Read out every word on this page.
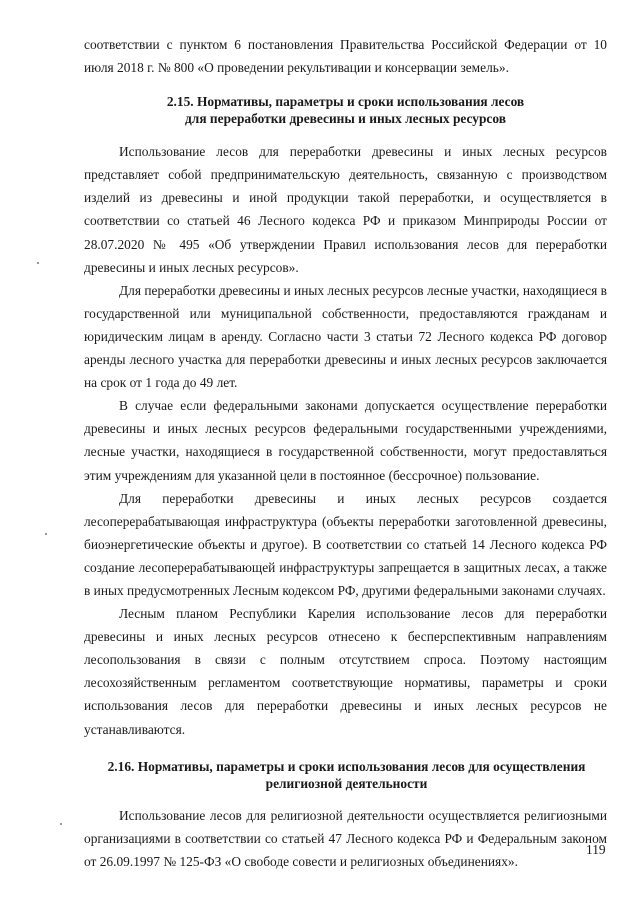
соответствии с пунктом 6 постановления Правительства Российской Федерации от 10 июля 2018 г. № 800 «О проведении рекультивации и консервации земель».

2.15. Нормативы, параметры и сроки использования лесов
для переработки древесины и иных лесных ресурсов

Использование лесов для переработки древесины и иных лесных ресурсов представляет собой предпринимательскую деятельность, связанную с производством изделий из древесины и иной продукции такой переработки, и осуществляется в соответствии со статьей 46 Лесного кодекса РФ и приказом Минприроды России от 28.07.2020 № 495 «Об утверждении Правил использования лесов для переработки древесины и иных лесных ресурсов».

Для переработки древесины и иных лесных ресурсов лесные участки, находящиеся в государственной или муниципальной собственности, предоставляются гражданам и юридическим лицам в аренду. Согласно части 3 статьи 72 Лесного кодекса РФ договор аренды лесного участка для переработки древесины и иных лесных ресурсов заключается на срок от 1 года до 49 лет.

В случае если федеральными законами допускается осуществление переработки древесины и иных лесных ресурсов федеральными государственными учреждениями, лесные участки, находящиеся в государственной собственности, могут предоставляться этим учреждениям для указанной цели в постоянное (бессрочное) пользование.

Для переработки древесины и иных лесных ресурсов создается лесоперерабатывающая инфраструктура (объекты переработки заготовленной древесины, биоэнергетические объекты и другое). В соответствии со статьей 14 Лесного кодекса РФ создание лесоперерабатывающей инфраструктуры запрещается в защитных лесах, а также в иных предусмотренных Лесным кодексом РФ, другими федеральными законами случаях.

Лесным планом Республики Карелия использование лесов для переработки древесины и иных лесных ресурсов отнесено к бесперспективным направлениям лесопользования в связи с полным отсутствием спроса. Поэтому настоящим лесохозяйственным регламентом соответствующие нормативы, параметры и сроки использования лесов для переработки древесины и иных лесных ресурсов не устанавливаются.

2.16. Нормативы, параметры и сроки использования лесов для осуществления
религиозной деятельности

Использование лесов для религиозной деятельности осуществляется религиозными организациями в соответствии со статьей 47 Лесного кодекса РФ и Федеральным законом от 26.09.1997 № 125-ФЗ «О свободе совести и религиозных объединениях».

119
